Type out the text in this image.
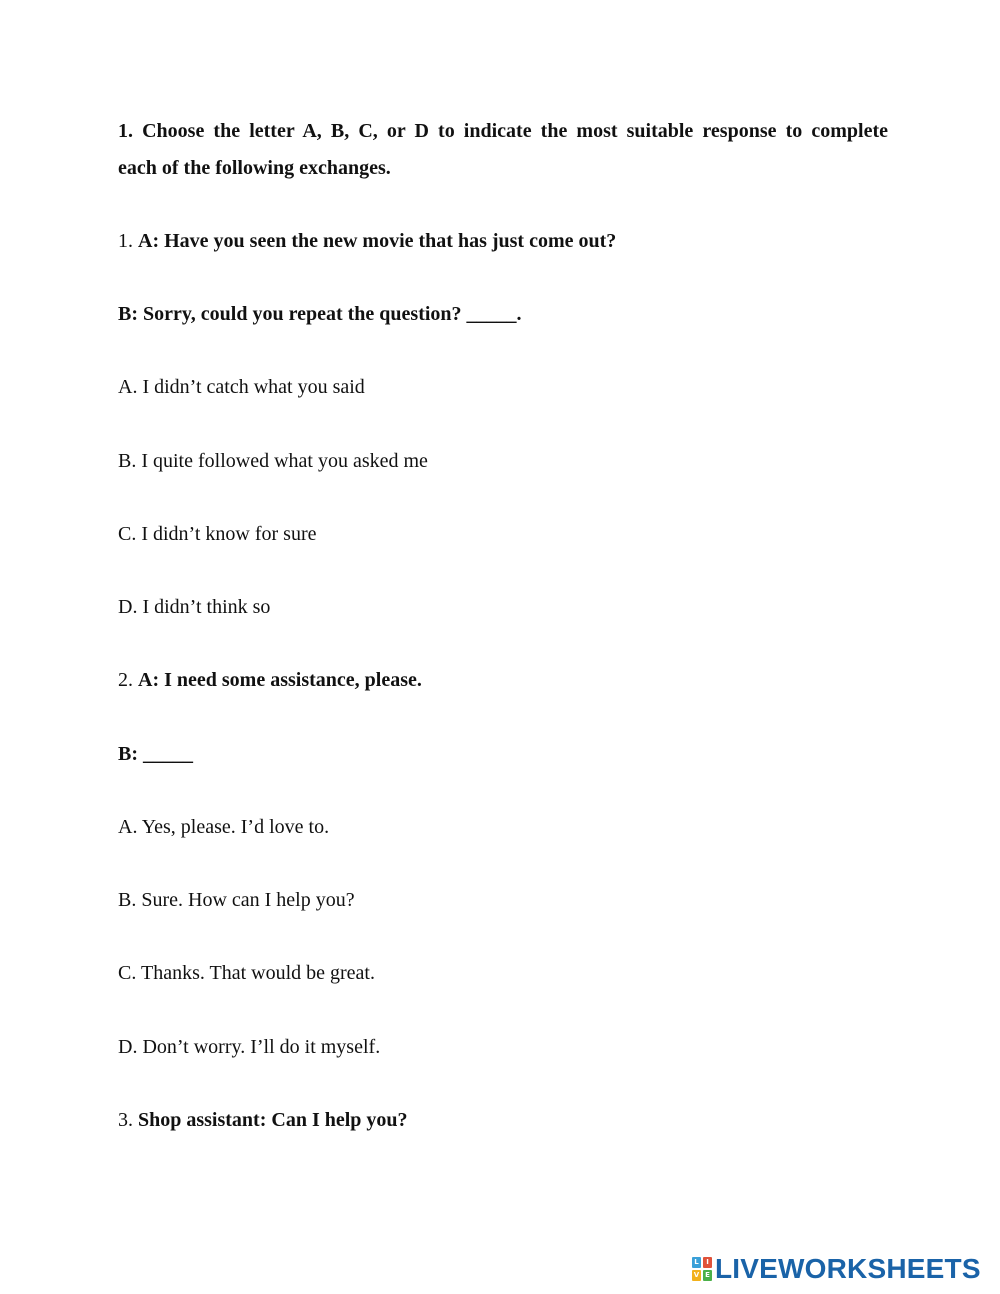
1. Choose the letter A, B, C, or D to indicate the most suitable response to complete
each of the following exchanges.
1. A: Have you seen the new movie that has just come out?
B: Sorry, could you repeat the question? _____.
A. I didn’t catch what you said
B. I quite followed what you asked me
C. I didn’t know for sure
D. I didn’t think so
2. A: I need some assistance, please.
B: _____
A. Yes, please. I’d love to.
B. Sure. How can I help you?
C. Thanks. That would be great.
D. Don’t worry. I’ll do it myself.
3. Shop assistant: Can I help you?
L	I
V E LIVEWORKSHEETS
